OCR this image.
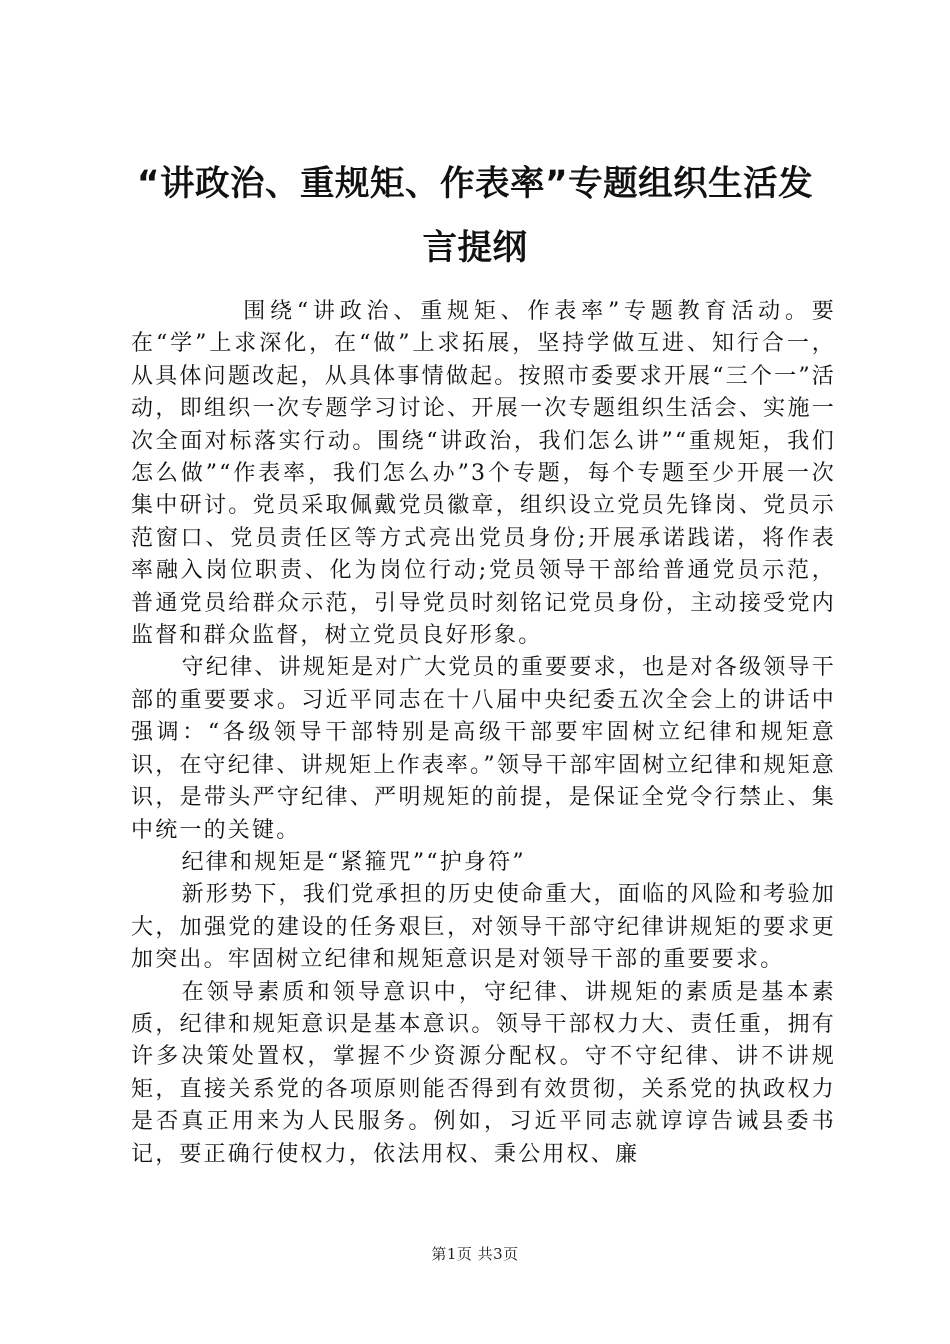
“讲政治、重规矩、作表率”专题组织生活发言提纲

围绕“讲政治、重规矩、作表率”专题教育活动。要在“学”上求深化，在“做”上求拓展，坚持学做互进、知行合一，从具体问题改起，从具体事情做起。按照市委要求开展“三个一”活动，即组织一次专题学习讨论、开展一次专题组织生活会、实施一次全面对标落实行动。围绕“讲政治，我们怎么讲”“重规矩，我们怎么做”“作表率，我们怎么办”3个专题，每个专题至少开展一次集中研讨。党员采取佩戴党员徽章，组织设立党员先锋岗、党员示范窗口、党员责任区等方式亮出党员身份;开展承诺践诺，将作表率融入岗位职责、化为岗位行动;党员领导干部给普通党员示范，普通党员给群众示范，引导党员时刻铭记党员身份，主动接受党内监督和群众监督，树立党员良好形象。

守纪律、讲规矩是对广大党员的重要要求，也是对各级领导干部的重要要求。习近平同志在十八届中央纪委五次全会上的讲话中强调：“各级领导干部特别是高级干部要牢固树立纪律和规矩意识，在守纪律、讲规矩上作表率。”领导干部牢固树立纪律和规矩意识，是带头严守纪律、严明规矩的前提，是保证全党令行禁止、集中统一的关键。

纪律和规矩是“紧箍咒”“护身符”

新形势下，我们党承担的历史使命重大，面临的风险和考验加大，加强党的建设的任务艰巨，对领导干部守纪律讲规矩的要求更加突出。牢固树立纪律和规矩意识是对领导干部的重要要求。

在领导素质和领导意识中，守纪律、讲规矩的素质是基本素质，纪律和规矩意识是基本意识。领导干部权力大、责任重，拥有许多决策处置权，掌握不少资源分配权。守不守纪律、讲不讲规矩，直接关系党的各项原则能否得到有效贯彻，关系党的执政权力是否真正用来为人民服务。例如，习近平同志就谆谆告诫县委书记，要正确行使权力，依法用权、秉公用权、廉

第1页 共3页
